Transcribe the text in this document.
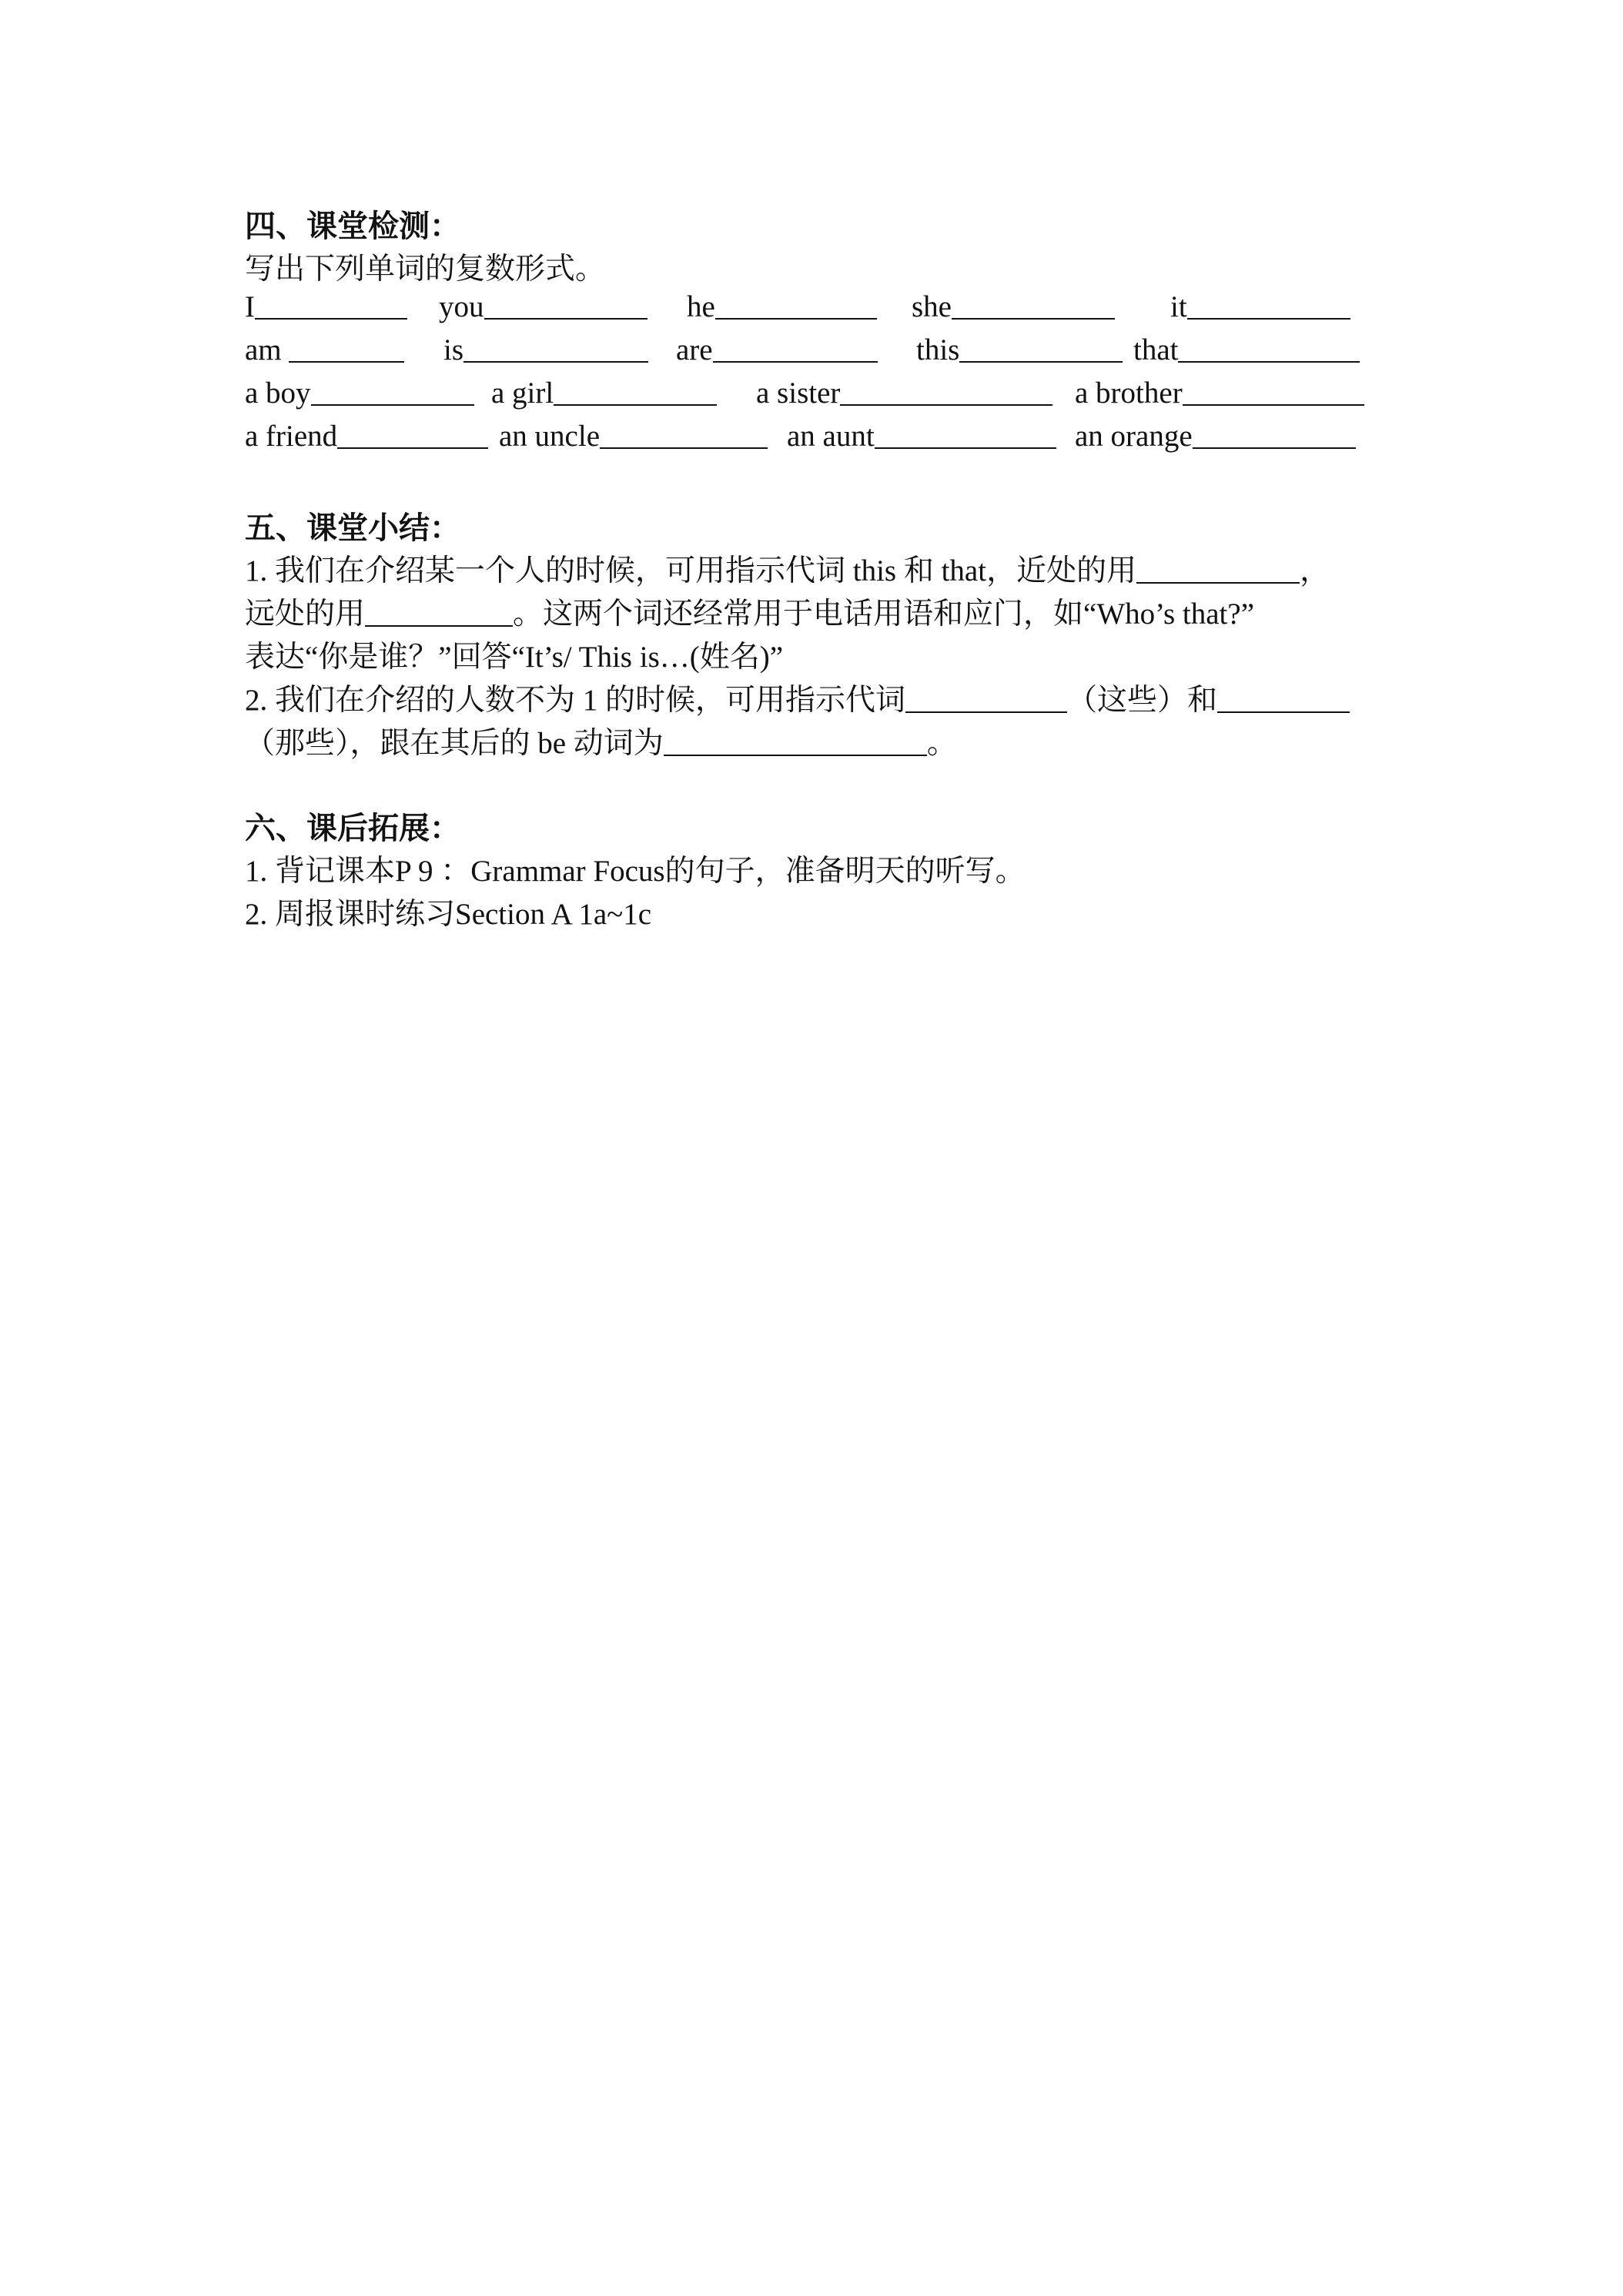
四、课堂检测：
写出下列单词的复数形式。
I	you	he	she	it
am	is	are	this	that
a boy	a girl	a sister	a brother
a friend	an uncle	an aunt	an orange
五、课堂小结：
1. 我们在介绍某一个人的时候，可用指示代词 this 和 that，近处的用	，
远处的用	。这两个词还经常用于电话用语和应门，如“Who’s that?”
表达“你是谁？”回答“It’s/ This is…(姓名)”
2. 我们在介绍的人数不为 1 的时候，可用指示代词	（这些）和
（那些），跟在其后的 be 动词为	。
六、课后拓展：
1. 背记课本P 9 ：Grammar Focus的句子，准备明天的听写。
2. 周报课时练习Section A 1a~1c
